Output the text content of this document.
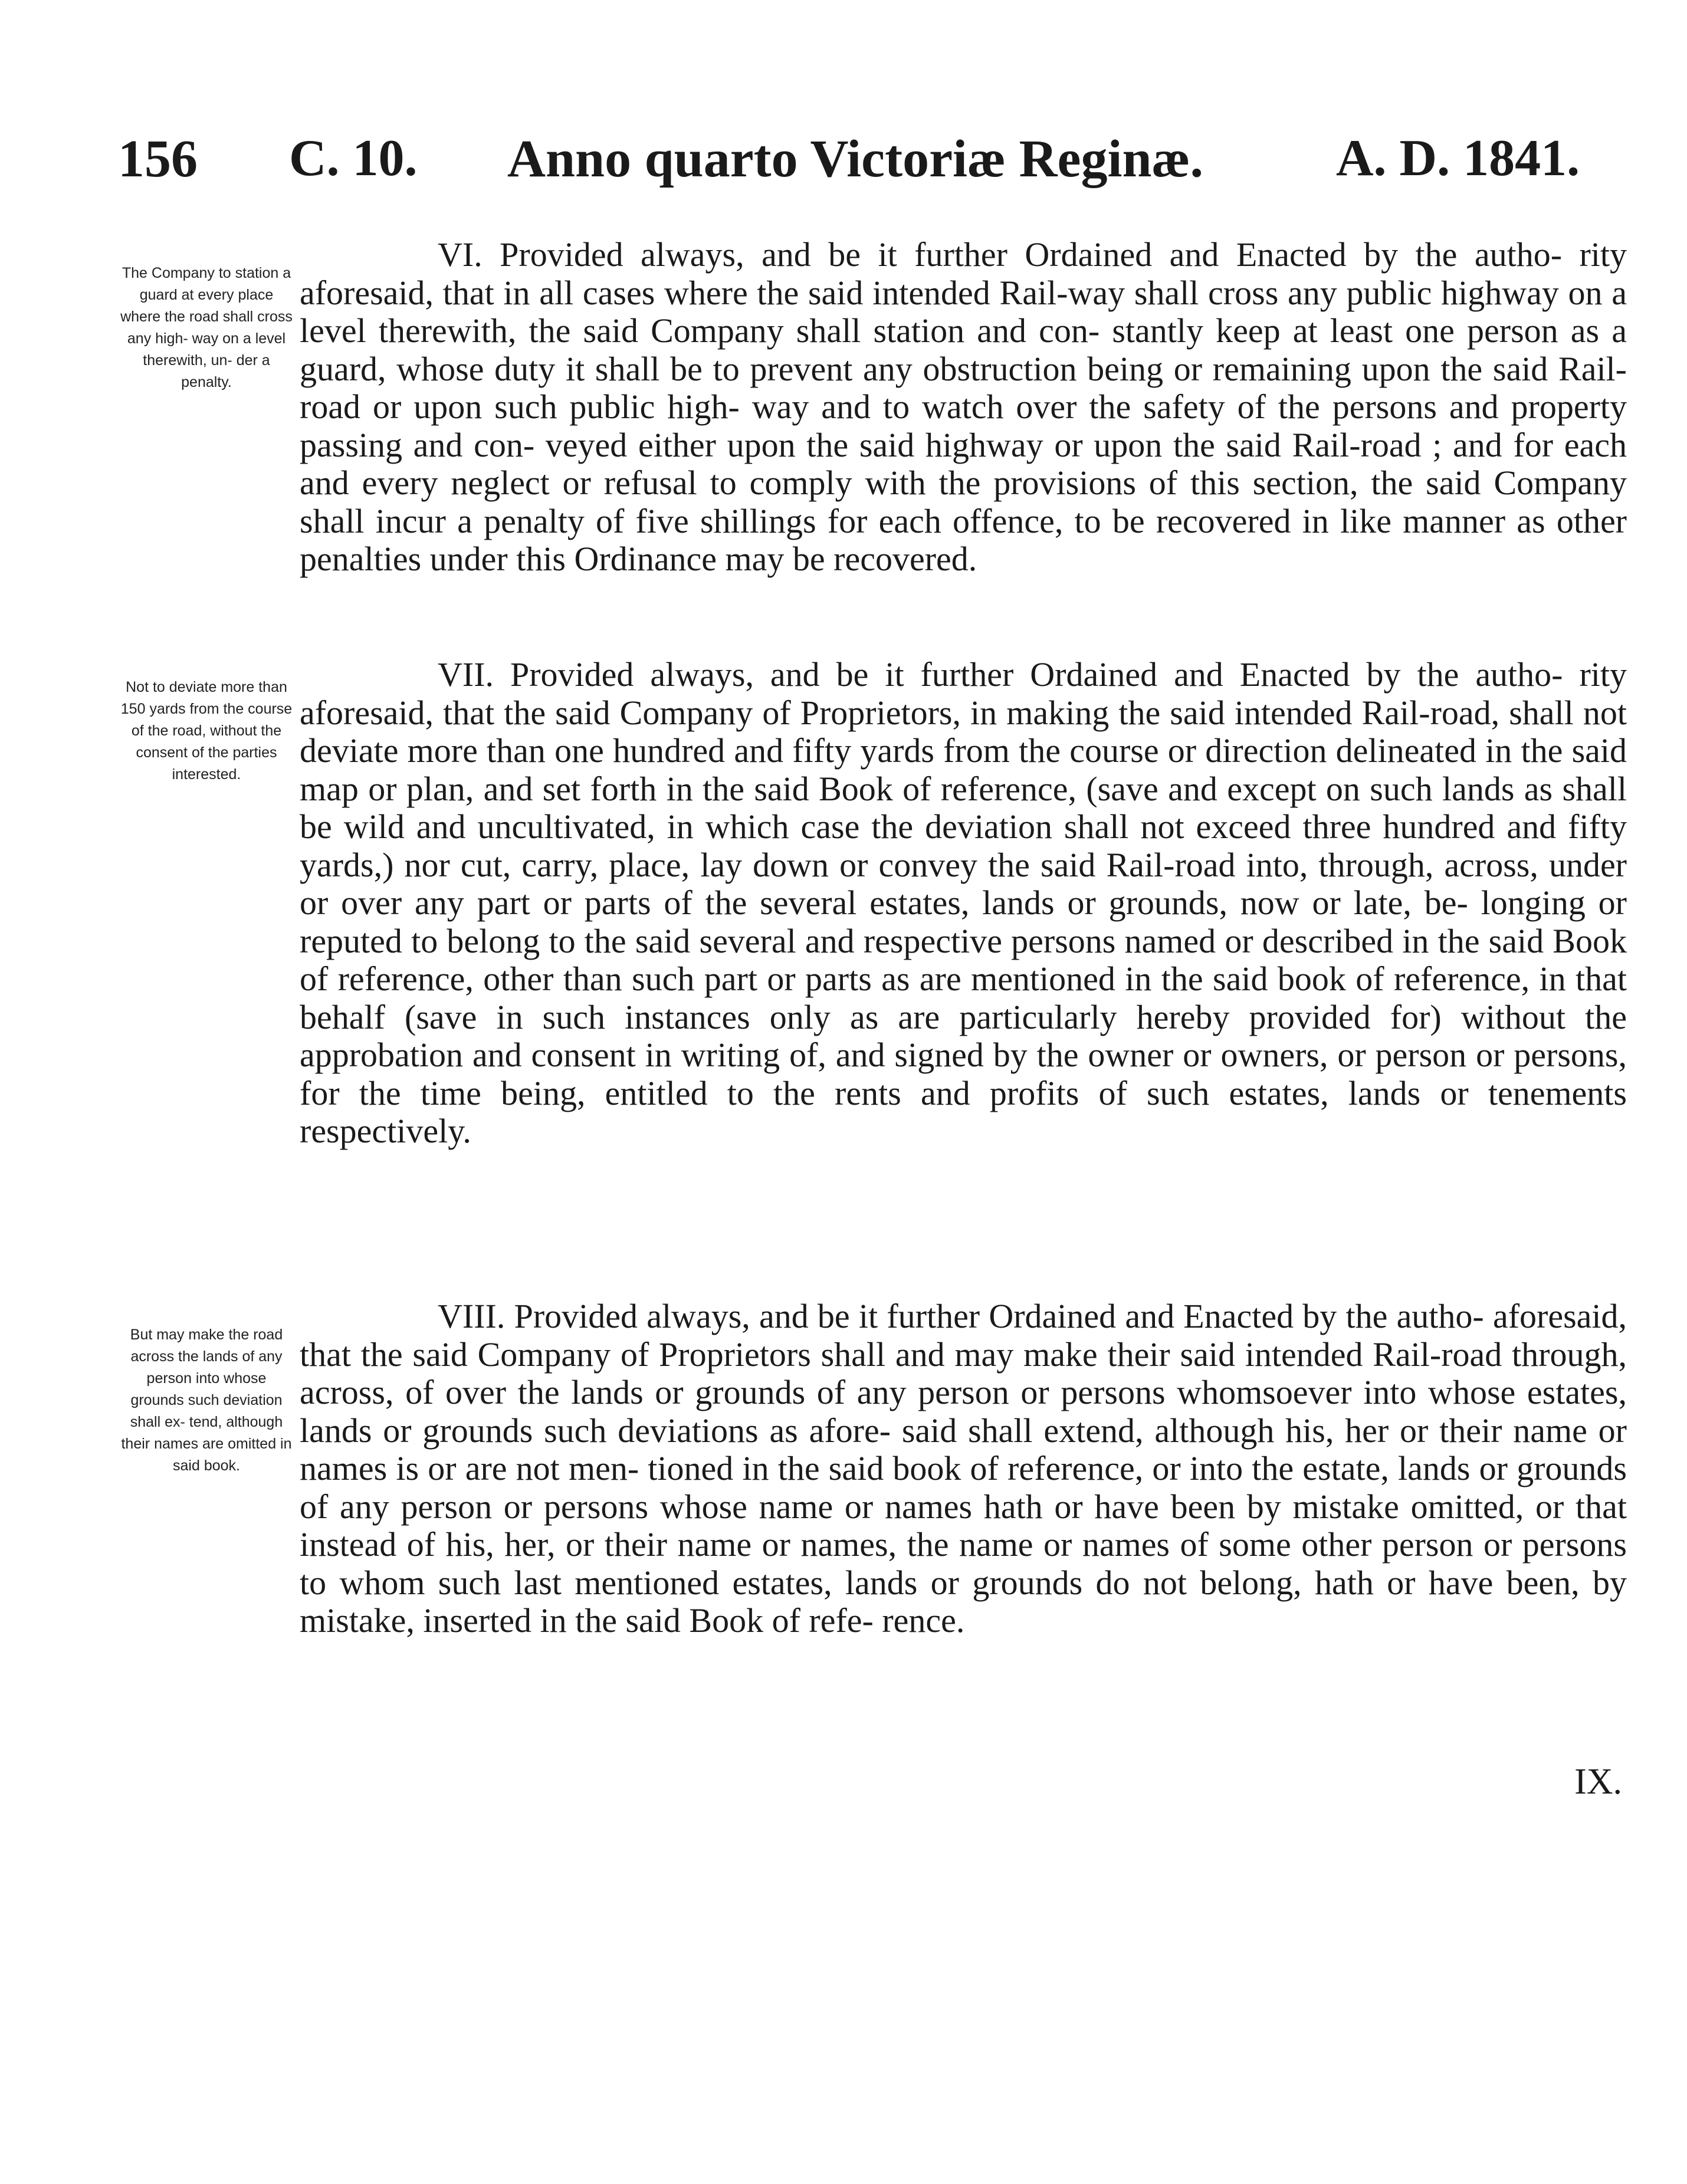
156 C. 10. Anno quarto Victoriæ Reginæ.	A. D. 1841.
The Company to station a guard at every place where the road shall cross any high- way on a level therewith, un- der a penalty.

VI. Provided always, and be it further Ordained and Enacted by the autho- rity aforesaid, that in all cases where the said intended Rail-way shall cross any public highway on a level therewith, the said Company shall station and con- stantly keep at least one person as a guard, whose duty it shall be to prevent any obstruction being or remaining upon the said Rail-road or upon such public high- way and to watch over the safety of the persons and property passing and con- veyed either upon the said highway or upon the said Rail-road ; and for each and every neglect or refusal to comply with the provisions of this section, the said Company shall incur a penalty of five shillings for each offence, to be recovered in like manner as other penalties under this Ordinance may be recovered.

Not to deviate more than 150 yards from the course of the road, without the consent of the parties interested.

VII. Provided always, and be it further Ordained and Enacted by the autho- rity aforesaid, that the said Company of Proprietors, in making the said intended Rail-road, shall not deviate more than one hundred and fifty yards from the course or direction delineated in the said map or plan, and set forth in the said Book of reference, (save and except on such lands as shall be wild and uncultivated, in which case the deviation shall not exceed three hundred and fifty yards,) nor cut, carry, place, lay down or convey the said Rail-road into, through, across, under or over any part or parts of the several estates, lands or grounds, now or late, be- longing or reputed to belong to the said several and respective persons named or described in the said Book of reference, other than such part or parts as are mentioned in the said book of reference, in that behalf (save in such instances only as are particularly hereby provided for) without the approbation and consent in writing of, and signed by the owner or owners, or person or persons, for the time being, entitled to the rents and profits of such estates, lands or tenements respectively.

But may make the road across the lands of any person into whose grounds such deviation shall ex- tend, although their names are omitted in said book.

VIII. Provided always, and be it further Ordained and Enacted by the autho- aforesaid, that the said Company of Proprietors shall and may make their said intended Rail-road through, across, of over the lands or grounds of any person or persons whomsoever into whose estates, lands or grounds such deviations as afore- said shall extend, although his, her or their name or names is or are not men- tioned in the said book of reference, or into the estate, lands or grounds of any person or persons whose name or names hath or have been by mistake omitted, or that instead of his, her, or their name or names, the name or names of some other person or persons to whom such last mentioned estates, lands or grounds do not belong, hath or have been, by mistake, inserted in the said Book of refe- rence.

IX.
